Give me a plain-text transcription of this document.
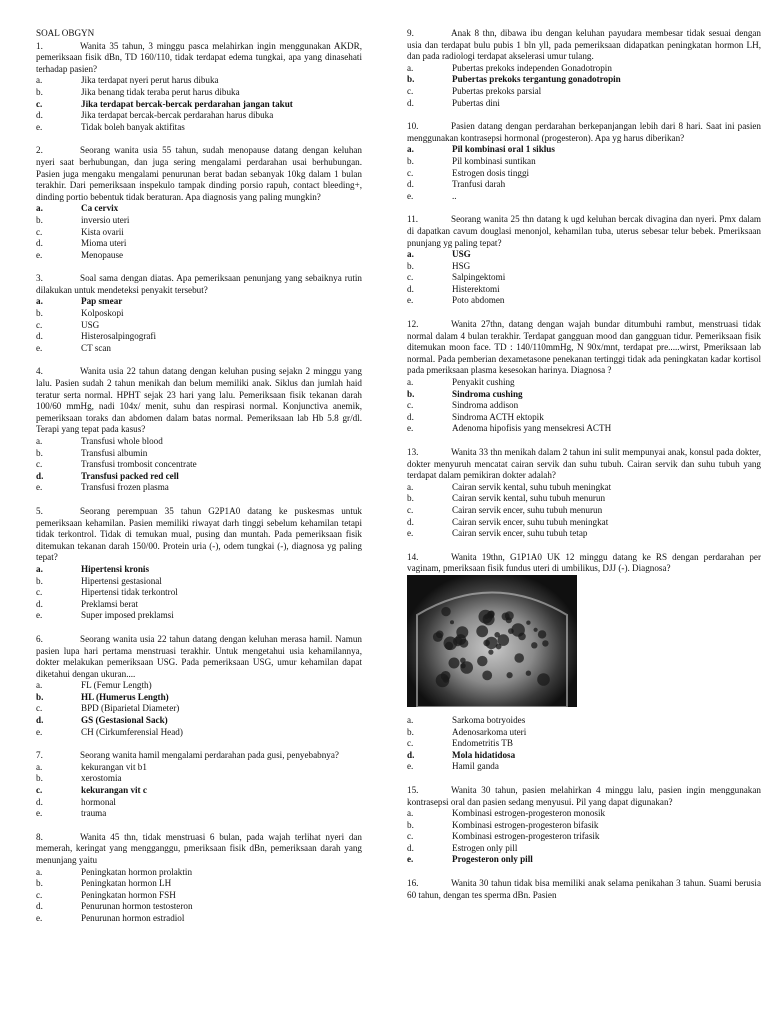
SOAL OBGYN
1.	Wanita 35 tahun, 3 minggu pasca melahirkan ingin menggunakan AKDR, pemeriksaan fisik dBn, TD 160/110, tidak terdapat edema tungkai, apa yang dinasehati terhadap pasien?
a.	Jika terdapat nyeri perut harus dibuka
b.	Jika benang tidak teraba perut harus dibuka
c.	Jika terdapat bercak-bercak perdarahan jangan takut
d.	Jika terdapat bercak-bercak perdarahan harus dibuka
e.	Tidak boleh banyak aktifitas
2.	Seorang wanita usia 55 tahun, sudah menopause datang dengan keluhan nyeri saat berhubungan, dan juga sering mengalami perdarahan usai berhubungan. Pasien juga mengaku mengalami penurunan berat badan sebanyak 10kg dalam 1 bulan terakhir. Dari pemeriksaan inspekulo tampak dinding porsio rapuh, contact bleeding+, dinding portio bebentuk tidak beraturan. Apa diagnosis yang paling mungkin?
a.	Ca cervix
b.	inversio uteri
c.	Kista ovarii
d.	Mioma uteri
e.	Menopause
3.	Soal sama dengan diatas. Apa pemeriksaan penunjang yang sebaiknya rutin dilakukan untuk mendeteksi penyakit tersebut?
a.	Pap smear
b.	Kolposkopi
c.	USG
d.	Histerosalpingografi
e.	CT scan
4.	Wanita usia 22 tahun datang dengan keluhan pusing sejakn 2 minggu yang lalu. Pasien sudah 2 tahun menikah dan belum memiliki anak. Siklus dan jumlah haid teratur serta normal. HPHT sejak 23 hari yang lalu. Pemeriksaan fisik tekanan darah 100/60 mmHg, nadi 104x/ menit, suhu dan respirasi normal. Konjunctiva anemik, pemeriksaan toraks dan abdomen dalam batas normal. Pemeriksaan lab Hb 5.8 gr/dl. Terapi yang tepat pada kasus?
a.	Transfusi whole blood
b.	Transfusi albumin
c.	Transfusi trombosit concentrate
d.	Transfusi packed red cell
e.	Transfusi frozen plasma
5.	Seorang perempuan 35 tahun G2P1A0 datang ke puskesmas untuk pemeriksaan kehamilan. Pasien memiliki riwayat darh tinggi sebelum kehamilan tetapi tidak terkontrol. Tidak di temukan mual, pusing dan muntah. Pada pemeriksaan fisik ditemukan tekanan darah 150/00. Protein uria (-), odem tungkai (-), diagnosa yg paling tepat?
a.	Hipertensi kronis
b.	Hipertensi gestasional
c.	Hipertensi tidak terkontrol
d.	Preklamsi berat
e.	Super imposed preklamsi
6.	Seorang wanita usia 22 tahun datang dengan keluhan merasa hamil. Namun pasien lupa hari pertama menstruasi terakhir. Untuk mengetahui usia kehamilannya, dokter melakukan pemeriksaan USG. Pada pemeriksaan USG, umur kehamilan dapat diketahui dengan ukuran....
a.	FL (Femur Length)
b.	HL (Humerus Length)
c.	BPD (Biparietal Diameter)
d.	GS (Gestasional Sack)
e.	CH (Cirkumferensial Head)
7.	Seorang wanita hamil mengalami perdarahan pada gusi, penyebabnya?
a.	kekurangan vit b1
b.	xerostomia
c.	kekurangan vit c
d.	hormonal
e.	trauma
8.	Wanita 45 thn, tidak menstruasi 6 bulan, pada wajah terlihat nyeri dan memerah, keringat yang mengganggu, pmeriksaan fisik dBn, pemeriksaan darah yang menunjang yaitu
a.	Peningkatan hormon prolaktin
b.	Peningkatan hormon LH
c.	Peningkatan hormon FSH
d.	Penurunan hormon testosteron
e.	Penurunan hormon estradiol
9.	Anak 8 thn, dibawa ibu dengan keluhan payudara membesar tidak sesuai dengan usia dan terdapat bulu pubis 1 bln yll, pada pemeriksaan didapatkan peningkatan hormon LH, dan pada radiologi terdapat akselerasi umur tulang.
a.	Pubertas prekoks independen Gonadotropin
b.	Pubertas prekoks tergantung gonadotropin
c.	Pubertas prekoks parsial
d.	Pubertas dini
10.	Pasien datang dengan perdarahan berkepanjangan lebih dari 8 hari. Saat ini pasien menggunakan kontrasepsi hormonal (progesteron). Apa yg harus diberikan?
a.	Pil kombinasi oral 1 siklus
b.	Pil kombinasi suntikan
c.	Estrogen dosis tinggi
d.	Tranfusi darah
e.	..
11.	Seorang wanita 25 thn datang k ugd keluhan bercak divagina dan nyeri. Pmx dalam di dapatkan cavum douglasi menonjol, kehamilan tuba, uterus sebesar telur bebek. Pmeriksaan pnunjang yg paling tepat?
a.	USG
b.	HSG
c.	Salpingektomi
d.	Histerektomi
e.	Poto abdomen
12.	Wanita 27thn, datang dengan wajah bundar ditumbuhi rambut, menstruasi tidak normal dalam 4 bulan terakhir. Terdapat gangguan mood dan gangguan tidur. Pemeriksaan fisik ditemukan moon face. TD : 140/110mmHg, N 90x/mnt, terdapat pre.....wirst, Pmeriksaan lab normal. Pada pemberian dexametasone penekanan tertinggi tidak ada peningkatan kadar kortisol pada pmeriksaan plasma kesesokan harinya. Diagnosa ?
a.	Penyakit cushing
b.	Sindroma cushing
c.	Sindroma addison
d.	Sindroma ACTH ektopik
e.	Adenoma hipofisis yang mensekresi ACTH
13.	Wanita 33 thn menikah dalam 2 tahun ini sulit mempunyai anak, konsul pada dokter, dokter menyuruh mencatat cairan servik dan suhu tubuh. Cairan servik dan suhu tubuh yang terdapat dalam pemikiran dokter adalah?
a.	Cairan servik kental, suhu tubuh meningkat
b.	Cairan servik kental, suhu tubuh menurun
c.	Cairan servik encer, suhu tubuh menurun
d.	Cairan servik encer, suhu tubuh meningkat
e.	Cairan servik encer, suhu tubuh tetap
14.	Wanita 19thn, G1P1A0 UK 12 minggu datang ke RS dengan perdarahan per vaginam, pmeriksaan fisik fundus uteri di umbilikus, DJJ (-). Diagnosa?
a.	Sarkoma botryoides
b.	Adenosarkoma uteri
c.	Endometritis TB
d.	Mola hidatidosa
e.	Hamil ganda
15.	Wanita 30 tahun, pasien melahirkan 4 minggu lalu, pasien ingin menggunakan kontrasepsi oral dan pasien sedang menyusui. Pil yang dapat digunakan?
a.	Kombinasi estrogen-progesteron monosik
b.	Kombinasi estrogen-progesteron bifasik
c.	Kombinasi estrogen-progesteron trifasik
d.	Estrogen only pill
e.	Progesteron only pill
16.	Wanita 30 tahun tidak bisa memiliki anak selama penikahan 3 tahun. Suami berusia 60 tahun, dengan tes sperma dBn. Pasien
